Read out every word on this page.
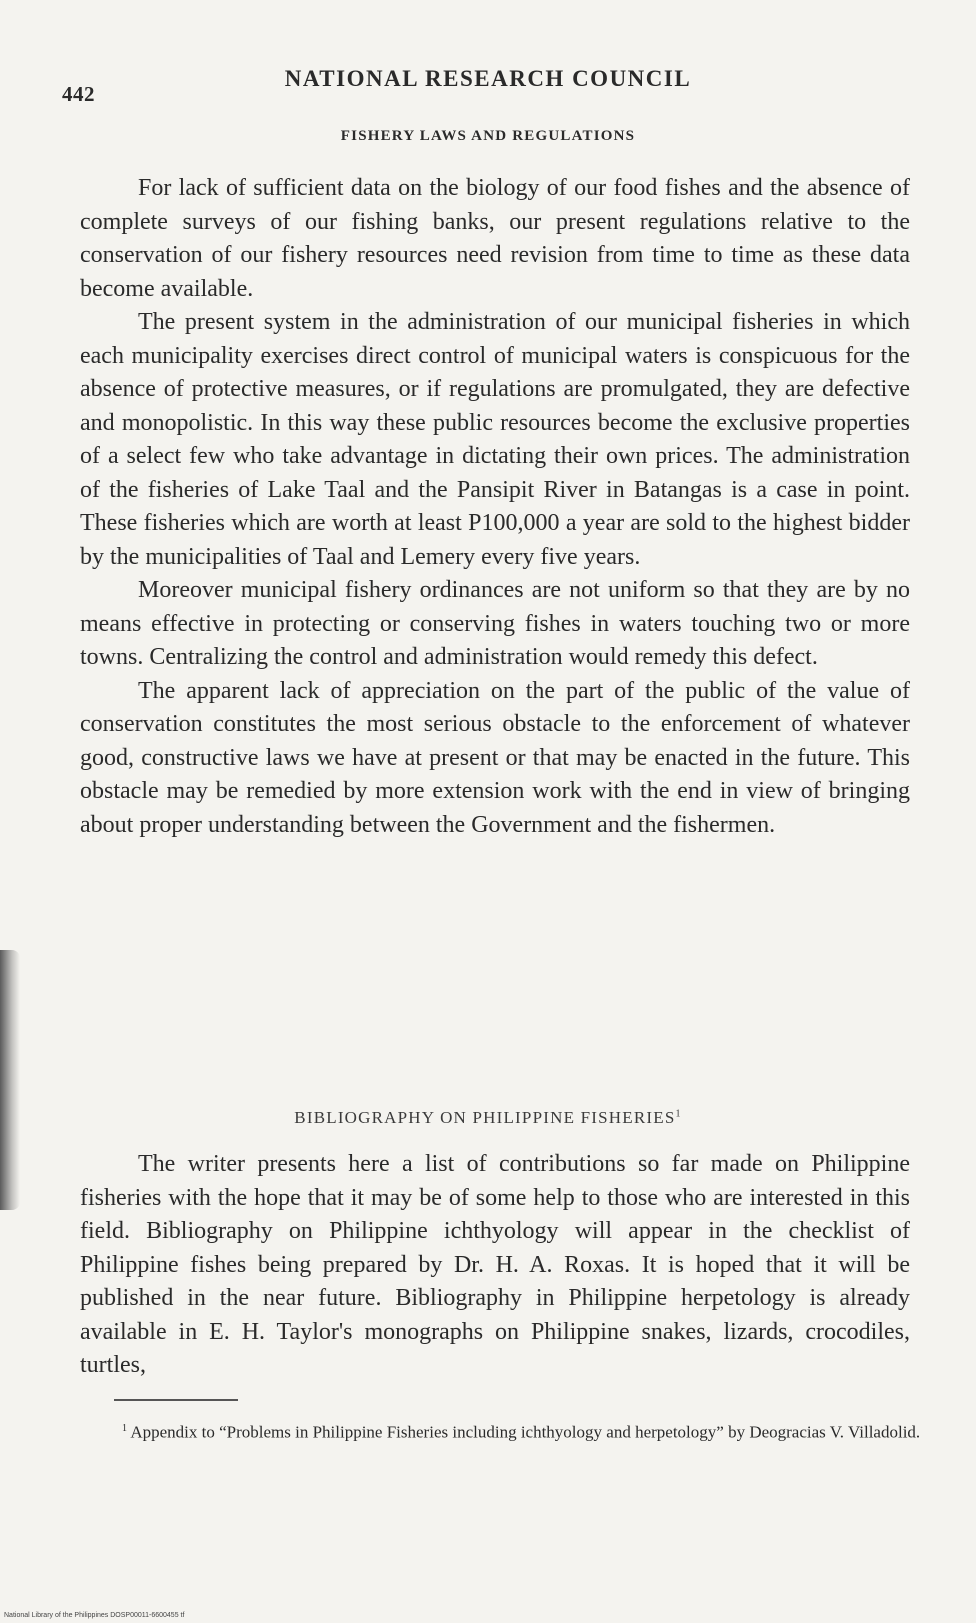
442
NATIONAL RESEARCH COUNCIL
FISHERY LAWS AND REGULATIONS

For lack of sufficient data on the biology of our food fishes and the absence of complete surveys of our fishing banks, our present regulations relative to the conservation of our fishery resources need revision from time to time as these data become available.

The present system in the administration of our municipal fisheries in which each municipality exercises direct control of municipal waters is conspicuous for the absence of protective measures, or if regulations are promulgated, they are defective and monopolistic. In this way these public resources become the exclusive properties of a select few who take advantage in dictating their own prices. The administration of the fisheries of Lake Taal and the Pansipit River in Batangas is a case in point. These fisheries which are worth at least P100,000 a year are sold to the highest bidder by the municipalities of Taal and Lemery every five years.

Moreover municipal fishery ordinances are not uniform so that they are by no means effective in protecting or conserving fishes in waters touching two or more towns. Centralizing the control and administration would remedy this defect.

The apparent lack of appreciation on the part of the public of the value of conservation constitutes the most serious obstacle to the enforcement of whatever good, constructive laws we have at present or that may be enacted in the future. This obstacle may be remedied by more extension work with the end in view of bringing about proper understanding between the Government and the fishermen.

BIBLIOGRAPHY ON PHILIPPINE FISHERIES$^1$

The writer presents here a list of contributions so far made on Philippine fisheries with the hope that it may be of some help to those who are interested in this field. Bibliography on Philippine ichthyology will appear in the checklist of Philippine fishes being prepared by Dr. H. A. Roxas. It is hoped that it will be published in the near future. Bibliography in Philippine herpetology is already available in E. H. Taylor's monographs on Philippine snakes, lizards, crocodiles, turtles,

$^1$ Appendix to “Problems in Philippine Fisheries including ichthyology and herpetology” by Deogracias V. Villadolid.

National Library of the Philippines DOSP00011-6600455 tf
